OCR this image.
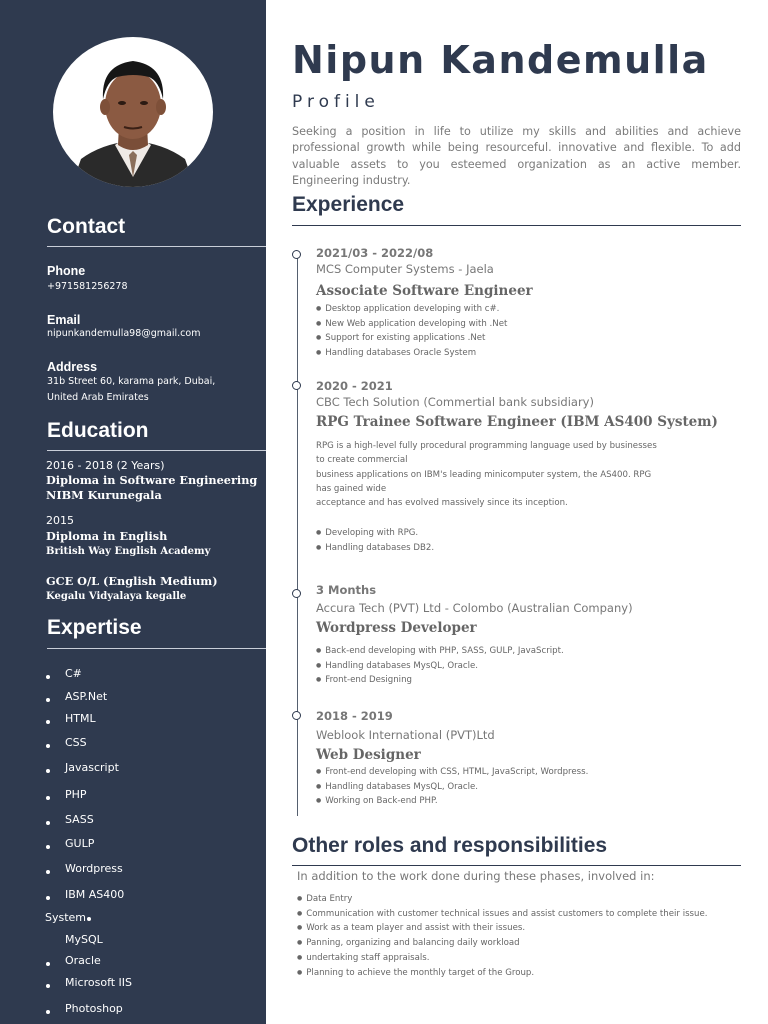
Contact
Phone
+971581256278
Email
nipunkandemulla98@gmail.com
Address
31b Street 60, karama park, Dubai,
United Arab Emirates
Education
2016 - 2018 (2 Years)
Diploma in Software Engineering
NIBM Kurunegala
2015
Diploma in English
British Way English Academy
GCE O/L (English Medium)
Kegalu Vidyalaya kegalle
Expertise
C#
ASP.Net
HTML
CSS
Javascript
PHP
SASS
GULP
Wordpress
IBM AS400
System
MySQL
Oracle
Microsoft IIS
Photoshop
Nipun Kandemulla
Profile

Seeking a position in life to utilize my skills and abilities and achieve professional growth while being resourceful. innovative and flexible. To add valuable assets to you esteemed organization as an active member. Engineering industry.

Experience
2021/03 - 2022/08
MCS Computer Systems - Jaela
Associate Software Engineer
● Desktop application developing with c#.
● New Web application developing with .Net
● Support for existing applications .Net
● Handling databases Oracle System
2020 - 2021
CBC Tech Solution (Commertial bank subsidiary)
RPG Trainee Software Engineer (IBM AS400 System)
RPG is a high-level fully procedural programming language used by businesses
to create commercial
business applications on IBM's leading minicomputer system, the AS400. RPG
has gained wide
acceptance and has evolved massively since its inception.
● Developing with RPG.
● Handling databases DB2.
3 Months
Accura Tech (PVT) Ltd - Colombo (Australian Company)
Wordpress Developer
● Back-end developing with PHP, SASS, GULP, JavaScript.
● Handling databases MysQL, Oracle.
● Front-end Designing
2018 - 2019
Weblook International (PVT)Ltd
Web Designer
● Front-end developing with CSS, HTML, JavaScript, Wordpress.
● Handling databases MysQL, Oracle.
● Working on Back-end PHP.
Other roles and responsibilities

In addition to the work done during these phases, involved in:

● Data Entry
● Communication with customer technical issues and assist customers to complete their issue.
● Work as a team player and assist with their issues.
● Panning, organizing and balancing daily workload
● undertaking staff appraisals.
● Planning to achieve the monthly target of the Group.
